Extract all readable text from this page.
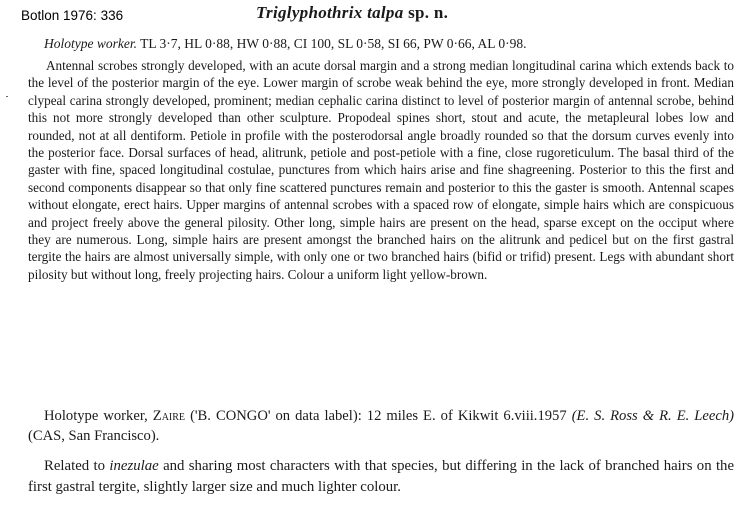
Botlon 1976: 336	Triglyphothrix talpa sp. n.
Holotype worker. TL 3·7, HL 0·88, HW 0·88, CI 100, SL 0·58, SI 66, PW 0·66, AL 0·98.

Antennal scrobes strongly developed, with an acute dorsal margin and a strong median longitudinal carina which extends back to the level of the posterior margin of the eye. Lower margin of scrobe weak behind the eye, more strongly developed in front. Median clypeal carina strongly developed, prominent; median cephalic carina distinct to level of posterior margin of antennal scrobe, behind this not more strongly developed than other sculpture. Propodeal spines short, stout and acute, the metapleural lobes low and rounded, not at all dentiform. Petiole in profile with the posterodorsal angle broadly rounded so that the dorsum curves evenly into the posterior face. Dorsal surfaces of head, alitrunk, petiole and post-petiole with a fine, close rugoreticulum. The basal third of the gaster with fine, spaced longitudinal costulae, punctures from which hairs arise and fine shagreening. Posterior to this the first and second components disappear so that only fine scattered punctures remain and posterior to this the gaster is smooth. Antennal scapes without elongate, erect hairs. Upper margins of antennal scrobes with a spaced row of elongate, simple hairs which are conspicuous and project freely above the general pilosity. Other long, simple hairs are present on the head, sparse except on the occiput where they are numerous. Long, simple hairs are present amongst the branched hairs on the alitrunk and pedicel but on the first gastral tergite the hairs are almost universally simple, with only one or two branched hairs (bifid or trifid) present. Legs with abundant short pilosity but without long, freely projecting hairs. Colour a uniform light yellow-brown.

Holotype worker, Zaire ('B. CONGO' on data label): 12 miles E. of Kikwit 6.viii.1957 (E. S. Ross & R. E. Leech) (CAS, San Francisco).

Related to inezulae and sharing most characters with that species, but differing in the lack of branched hairs on the first gastral tergite, slightly larger size and much lighter colour.
